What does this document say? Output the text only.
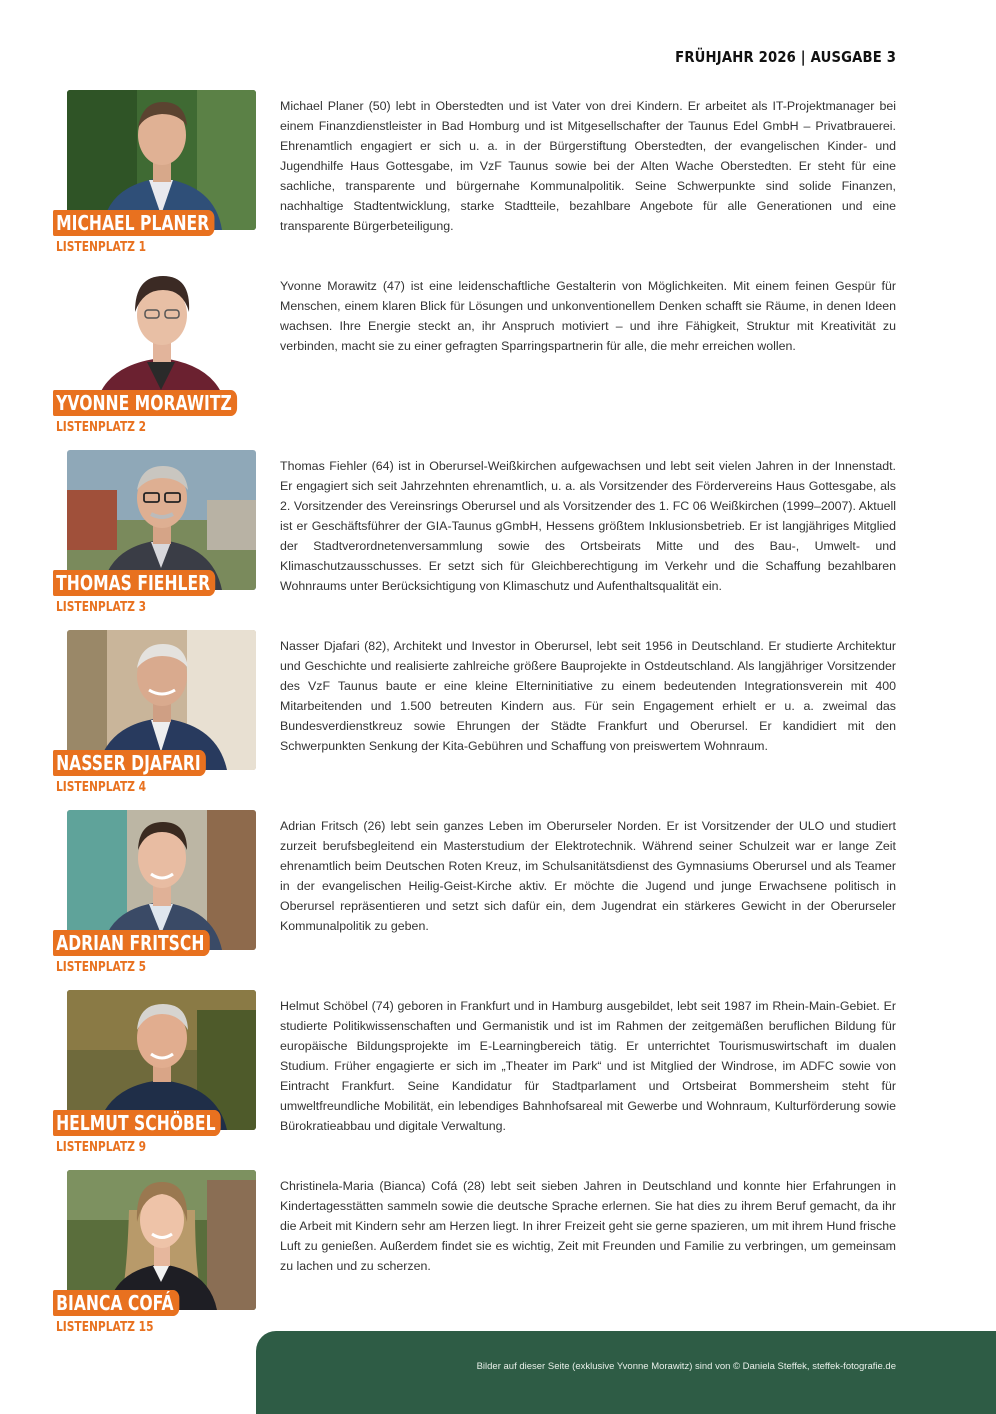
FRÜHJAHR 2026 | AUSGABE 3
MICHAEL PLANER
LISTENPLATZ 1

Michael Planer (50) lebt in Oberstedten und ist Vater von drei Kindern. Er arbeitet als IT-Projektmanager bei einem Finanzdienstleister in Bad Homburg und ist Mitgesellschafter der Taunus Edel GmbH – Privatbrauerei. Ehrenamtlich engagiert er sich u. a. in der Bürgerstiftung Oberstedten, der evangelischen Kinder- und Jugendhilfe Haus Gottesgabe, im VzF Taunus sowie bei der Alten Wache Oberstedten. Er steht für eine sachliche, transparente und bürgernahe Kommunalpolitik. Seine Schwerpunkte sind solide Finanzen, nachhaltige Stadtentwicklung, starke Stadtteile, bezahlbare Angebote für alle Generationen und eine transparente Bürgerbeteiligung.

YVONNE MORAWITZ
LISTENPLATZ 2

Yvonne Morawitz (47) ist eine leidenschaftliche Gestalterin von Möglichkeiten. Mit einem feinen Gespür für Menschen, einem klaren Blick für Lösungen und unkonventionellem Denken schafft sie Räume, in denen Ideen wachsen. Ihre Energie steckt an, ihr Anspruch motiviert – und ihre Fähigkeit, Struktur mit Kreativität zu verbinden, macht sie zu einer gefragten Sparringspartnerin für alle, die mehr erreichen wollen.

THOMAS FIEHLER
LISTENPLATZ 3

Thomas Fiehler (64) ist in Oberursel-Weißkirchen aufgewachsen und lebt seit vielen Jahren in der Innenstadt. Er engagiert sich seit Jahrzehnten ehrenamtlich, u. a. als Vorsitzender des Fördervereins Haus Gottesgabe, als 2. Vorsitzender des Vereinsrings Oberursel und als Vorsitzender des 1. FC 06 Weißkirchen (1999–2007). Aktuell ist er Geschäftsführer der GIA-Taunus gGmbH, Hessens größtem Inklusionsbetrieb. Er ist langjähriges Mitglied der Stadtverordnetenversammlung sowie des Ortsbeirats Mitte und des Bau-, Umwelt- und Klimaschutzausschusses. Er setzt sich für Gleichberechtigung im Verkehr und die Schaffung bezahlbaren Wohnraums unter Berücksichtigung von Klimaschutz und Aufenthaltsqualität ein.

NASSER DJAFARI
LISTENPLATZ 4

Nasser Djafari (82), Architekt und Investor in Oberursel, lebt seit 1956 in Deutschland. Er studierte Architektur und Geschichte und realisierte zahlreiche größere Bauprojekte in Ostdeutschland. Als langjähriger Vorsitzender des VzF Taunus baute er eine kleine Elterninitiative zu einem bedeutenden Integrationsverein mit 400 Mitarbeitenden und 1.500 betreuten Kindern aus. Für sein Engagement erhielt er u. a. zweimal das Bundesverdienstkreuz sowie Ehrungen der Städte Frankfurt und Oberursel. Er kandidiert mit den Schwerpunkten Senkung der Kita-Gebühren und Schaffung von preiswertem Wohnraum.

ADRIAN FRITSCH
LISTENPLATZ 5

Adrian Fritsch (26) lebt sein ganzes Leben im Oberurseler Norden. Er ist Vorsitzender der ULO und studiert zurzeit berufsbegleitend ein Masterstudium der Elektrotechnik. Während seiner Schulzeit war er lange Zeit ehrenamtlich beim Deutschen Roten Kreuz, im Schulsanitätsdienst des Gymnasiums Oberursel und als Teamer in der evangelischen Heilig-Geist-Kirche aktiv. Er möchte die Jugend und junge Erwachsene politisch in Oberursel repräsentieren und setzt sich dafür ein, dem Jugendrat ein stärkeres Gewicht in der Oberurseler Kommunalpolitik zu geben.

HELMUT SCHÖBEL
LISTENPLATZ 9

Helmut Schöbel (74) geboren in Frankfurt und in Hamburg ausgebildet, lebt seit 1987 im Rhein-Main-Gebiet. Er studierte Politikwissenschaften und Germanistik und ist im Rahmen der zeitgemäßen beruflichen Bildung für europäische Bildungsprojekte im E-Learningbereich tätig. Er unterrichtet Tourismuswirtschaft im dualen Studium. Früher engagierte er sich im „Theater im Park“ und ist Mitglied der Windrose, im ADFC sowie von Eintracht Frankfurt. Seine Kandidatur für Stadtparlament und Ortsbeirat Bommersheim steht für umweltfreundliche Mobilität, ein lebendiges Bahnhofsareal mit Gewerbe und Wohnraum, Kulturförderung sowie Bürokratieabbau und digitale Verwaltung.

BIANCA COFÁ
LISTENPLATZ 15

Christinela-Maria (Bianca) Cofá (28) lebt seit sieben Jahren in Deutschland und konnte hier Erfahrungen in Kindertagesstätten sammeln sowie die deutsche Sprache erlernen. Sie hat dies zu ihrem Beruf gemacht, da ihr die Arbeit mit Kindern sehr am Herzen liegt. In ihrer Freizeit geht sie gerne spazieren, um mit ihrem Hund frische Luft zu genießen. Außerdem findet sie es wichtig, Zeit mit Freunden und Familie zu verbringen, um gemeinsam zu lachen und zu scherzen.

Bilder auf dieser Seite (exklusive Yvonne Morawitz) sind von © Daniela Steffek, steffek-fotografie.de
